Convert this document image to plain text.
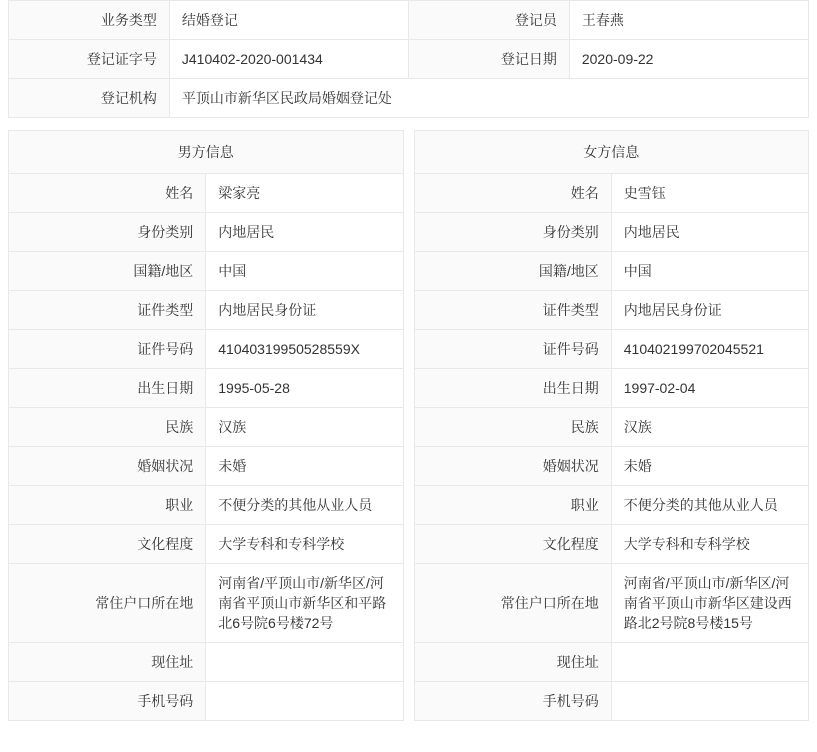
业务类型	结婚登记	登记员	王春燕
登记证字号	J410402-2020-001434	登记日期	2020-09-22
登记机构	平顶山市新华区民政局婚姻登记处		
男方信息	
姓名	梁家亮
身份类别	内地居民
国籍/地区	中国
证件类型	内地居民身份证
证件号码	41040319950528559X
出生日期	1995-05-28
民族	汉族
婚姻状况	未婚
职业	不便分类的其他从业人员
文化程度	大学专科和专科学校
常住户口所在地	河南省/平顶山市/新华区/河南省平顶山市新华区和平路北6号院6号楼72号
现住址	
手机号码	
女方信息	
姓名	史雪钰
身份类别	内地居民
国籍/地区	中国
证件类型	内地居民身份证
证件号码	410402199702045521
出生日期	1997-02-04
民族	汉族
婚姻状况	未婚
职业	不便分类的其他从业人员
文化程度	大学专科和专科学校
常住户口所在地	河南省/平顶山市/新华区/河南省平顶山市新华区建设西路北2号院8号楼15号
现住址	
手机号码	
